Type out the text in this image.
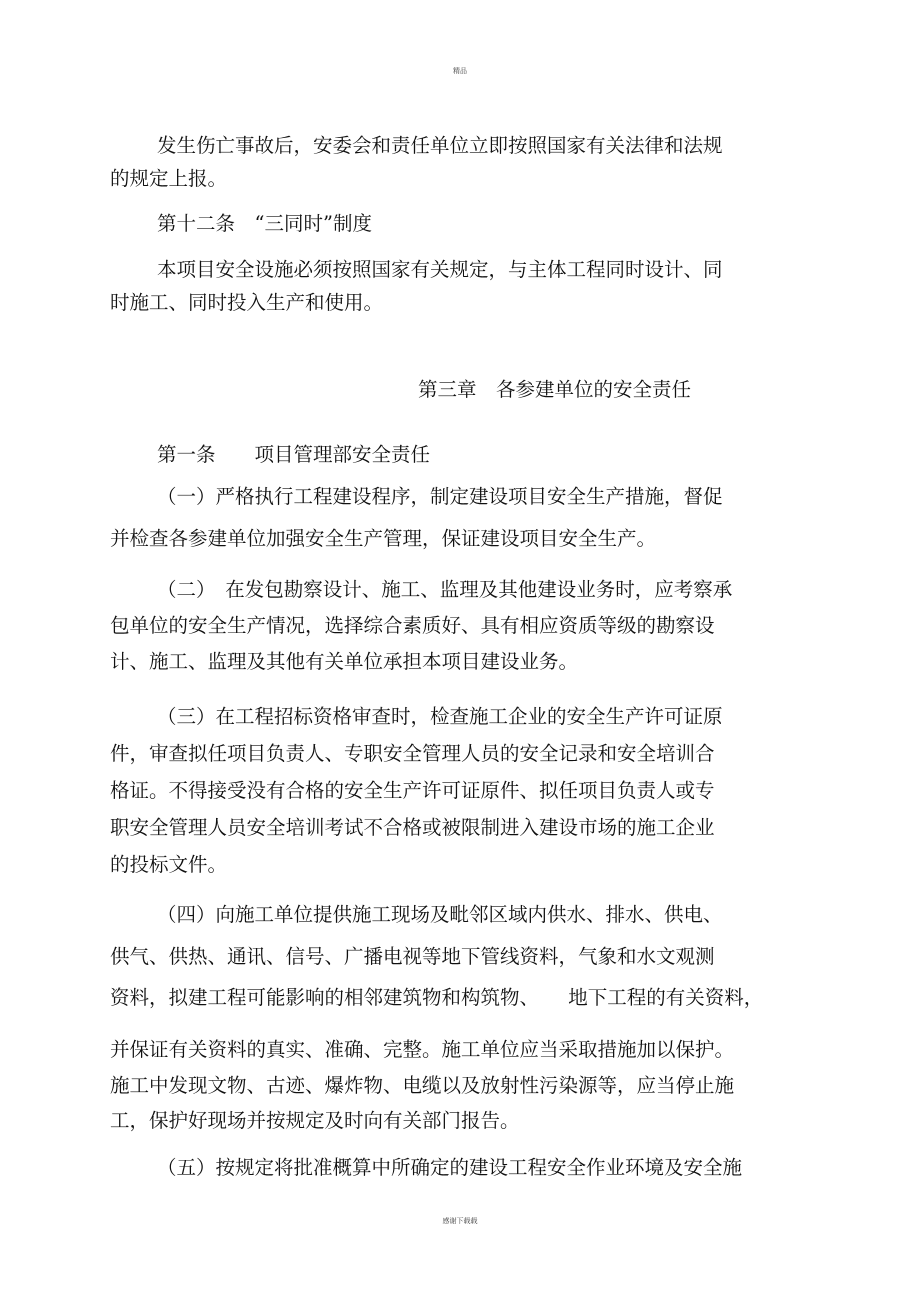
精品
发生伤亡事故后，安委会和责任单位立即按照国家有关法律和法规
的规定上报。
第十二条　“三同时”制度
本项目安全设施必须按照国家有关规定，与主体工程同时设计、同
时施工、同时投入生产和使用。
第三章　各参建单位的安全责任
第一条　　项目管理部安全责任
（一）严格执行工程建设程序，制定建设项目安全生产措施，督促
并检查各参建单位加强安全生产管理，保证建设项目安全生产。
（二）　在发包勘察设计、施工、监理及其他建设业务时，应考察承
包单位的安全生产情况，选择综合素质好、具有相应资质等级的勘察设
计、施工、监理及其他有关单位承担本项目建设业务。
（三）在工程招标资格审查时，检查施工企业的安全生产许可证原
件，审查拟任项目负责人、专职安全管理人员的安全记录和安全培训合
格证。不得接受没有合格的安全生产许可证原件、拟任项目负责人或专
职安全管理人员安全培训考试不合格或被限制进入建设市场的施工企业
的投标文件。
（四）向施工单位提供施工现场及毗邻区域内供水、排水、供电、
供气、供热、通讯、信号、广播电视等地下管线资料，气象和水文观测
资料，拟建工程可能影响的相邻建筑物和构筑物、　　地下工程的有关资料，
并保证有关资料的真实、准确、完整。施工单位应当采取措施加以保护。
施工中发现文物、古迹、爆炸物、电缆以及放射性污染源等，应当停止施
工，保护好现场并按规定及时向有关部门报告。
（五）按规定将批准概算中所确定的建设工程安全作业环境及安全施
感谢下载载
